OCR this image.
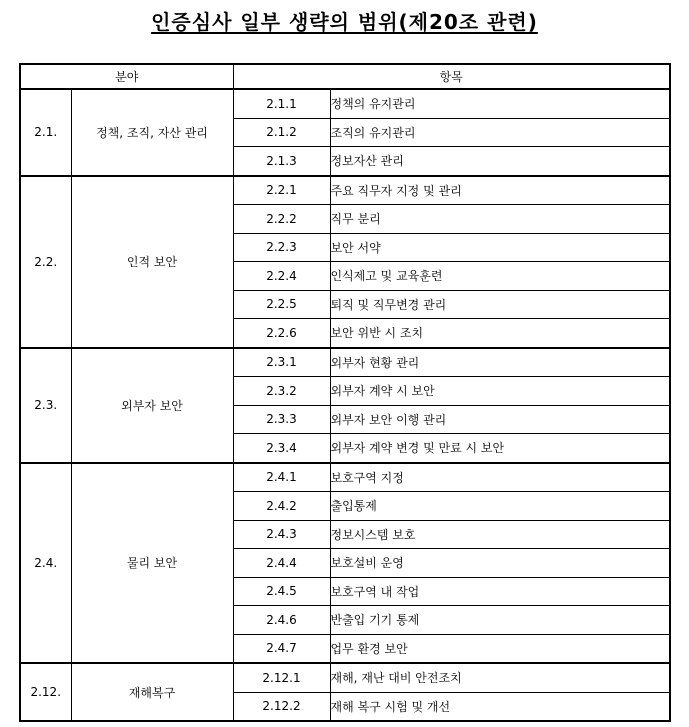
인증심사 일부 생략의 범위(제20조 관련)
분야		항목	
2.1.	정책, 조직, 자산 관리	2.1.1	정책의 유지관리
		2.1.2	조직의 유지관리
		2.1.3	정보자산 관리
2.2.	인적 보안	2.2.1	주요 직무자 지정 및 관리
		2.2.2	직무 분리
		2.2.3	보안 서약
		2.2.4	인식제고 및 교육훈련
		2.2.5	퇴직 및 직무변경 관리
		2.2.6	보안 위반 시 조치
2.3.	외부자 보안	2.3.1	외부자 현황 관리
		2.3.2	외부자 계약 시 보안
		2.3.3	외부자 보안 이행 관리
		2.3.4	외부자 계약 변경 및 만료 시 보안
2.4.	물리 보안	2.4.1	보호구역 지정
		2.4.2	출입통제
		2.4.3	정보시스템 보호
		2.4.4	보호설비 운영
		2.4.5	보호구역 내 작업
		2.4.6	반출입 기기 통제
		2.4.7	업무 환경 보안
2.12.	재해복구	2.12.1	재해, 재난 대비 안전조치
		2.12.2	재해 복구 시험 및 개선
